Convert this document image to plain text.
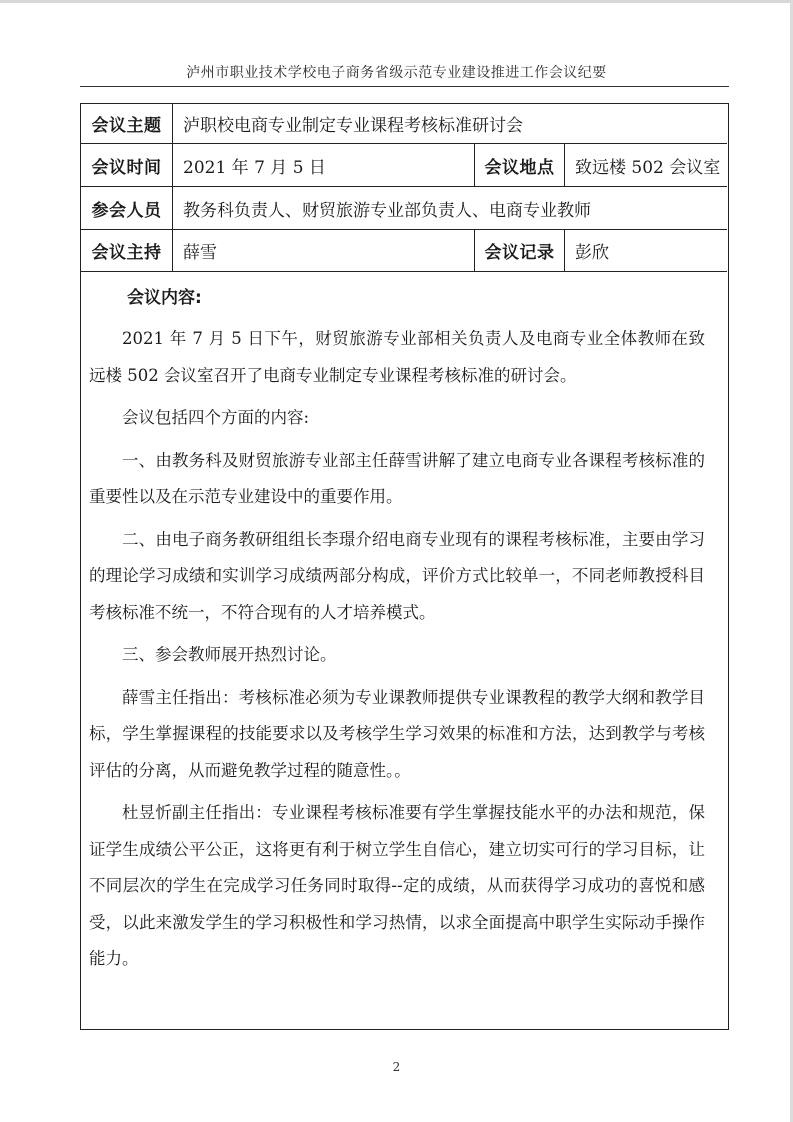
泸州市职业技术学校电子商务省级示范专业建设推进工作会议纪要
会议主题	泸职校电商专业制定专业课程考核标准研讨会
会议时间	2021 年 7 月 5 日	会议地点	致远楼 502 会议室
参会人员	教务科负责人、财贸旅游专业部负责人、电商专业教师
会议主持	薛雪	会议记录	彭欣
会议内容:

2021 年 7 月 5 日下午，财贸旅游专业部相关负责人及电商专业全体教师在致远楼 502 会议室召开了电商专业制定专业课程考核标准的研讨会。

会议包括四个方面的内容:

一、由教务科及财贸旅游专业部主任薛雪讲解了建立电商专业各课程考核标准的重要性以及在示范专业建设中的重要作用。

二、由电子商务教研组组长李璟介绍电商专业现有的课程考核标准，主要由学习的理论学习成绩和实训学习成绩两部分构成，评价方式比较单一，不同老师教授科目考核标准不统一，不符合现有的人才培养模式。

三、参会教师展开热烈讨论。

薛雪主任指出：考核标准必须为专业课教师提供专业课教程的教学大纲和教学目标，学生掌握课程的技能要求以及考核学生学习效果的标准和方法，达到教学与考核评估的分离，从而避免教学过程的随意性。。

杜昱忻副主任指出：专业课程考核标准要有学生掌握技能水平的办法和规范，保证学生成绩公平公正，这将更有利于树立学生自信心，建立切实可行的学习目标，让不同层次的学生在完成学习任务同时取得--定的成绩，从而获得学习成功的喜悦和感受，以此来激发学生的学习积极性和学习热情，以求全面提高中职学生实际动手操作能力。

2
